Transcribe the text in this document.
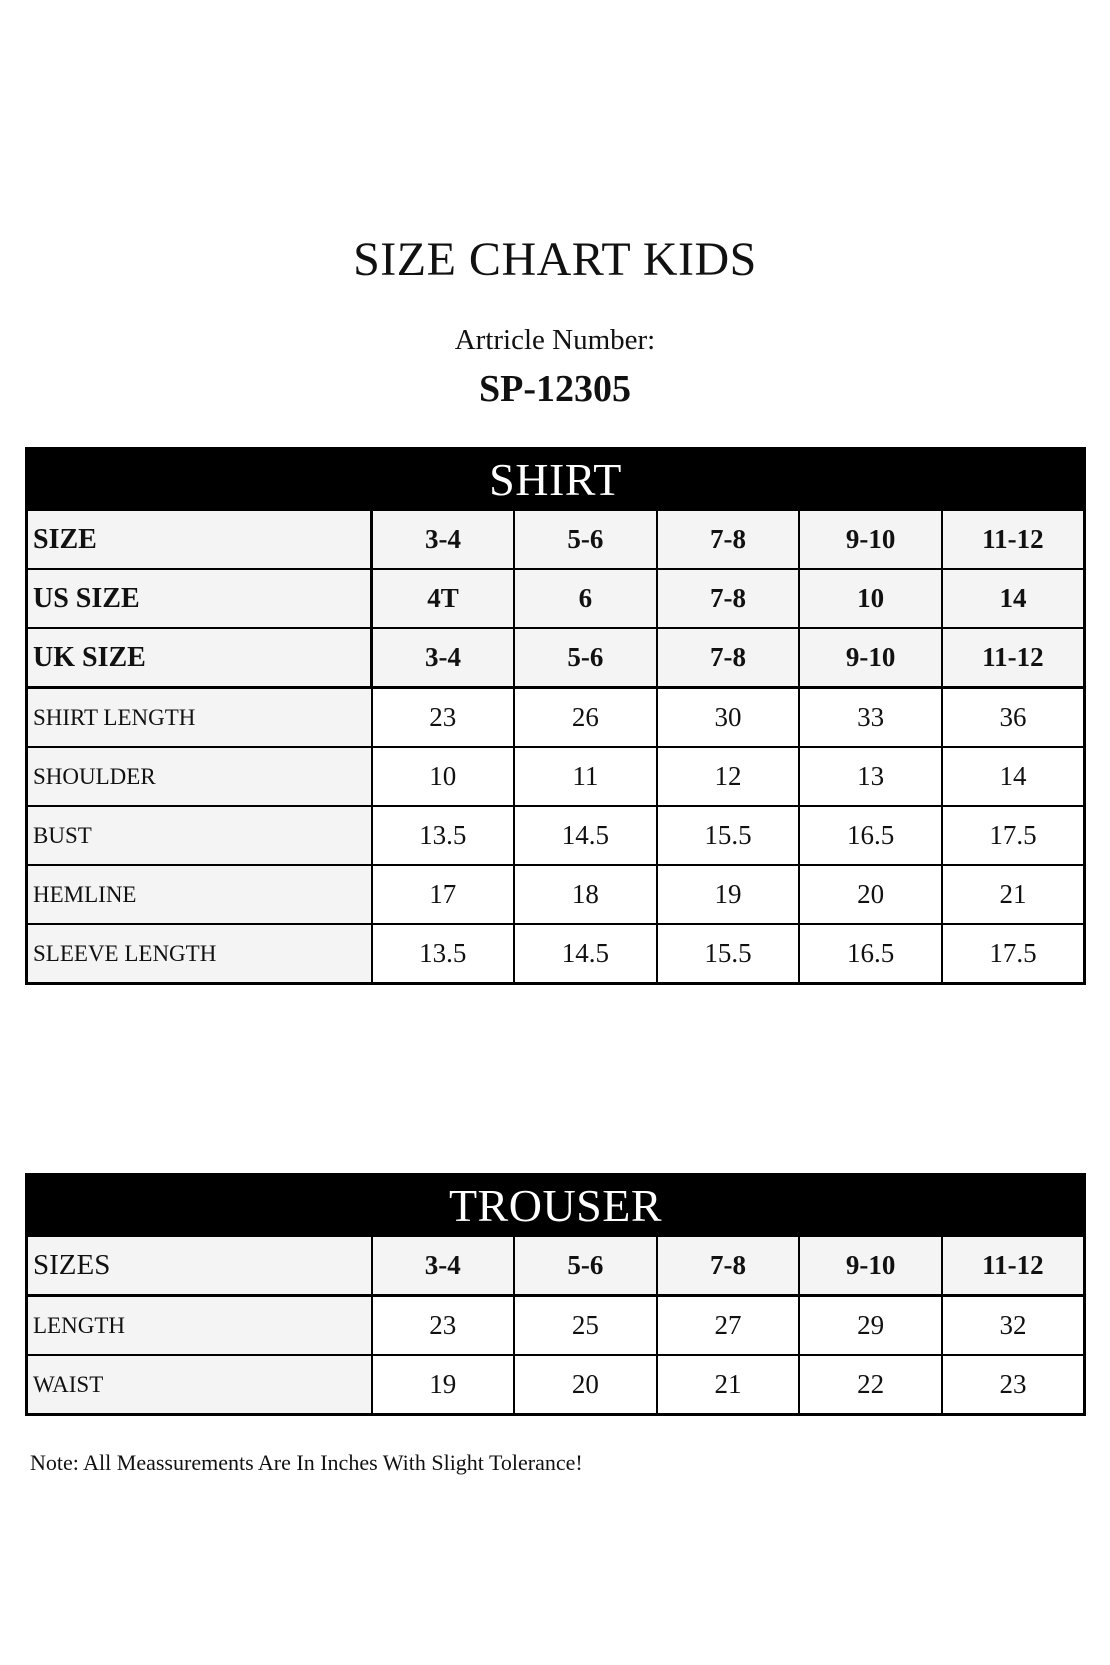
SIZE CHART KIDS
Artricle Number:
SP-12305
SHIRT					
SIZE	3-4	5-6	7-8	9-10	11-12
US SIZE	4T	6	7-8	10	14
UK SIZE	3-4	5-6	7-8	9-10	11-12
SHIRT LENGTH	23	26	30	33	36
SHOULDER	10	11	12	13	14
BUST	13.5	14.5	15.5	16.5	17.5
HEMLINE	17	18	19	20	21
SLEEVE LENGTH	13.5	14.5	15.5	16.5	17.5
TROUSER					
SIZES	3-4	5-6	7-8	9-10	11-12
LENGTH	23	25	27	29	32
WAIST	19	20	21	22	23
Note: All Meassurements Are In Inches With Slight Tolerance!
